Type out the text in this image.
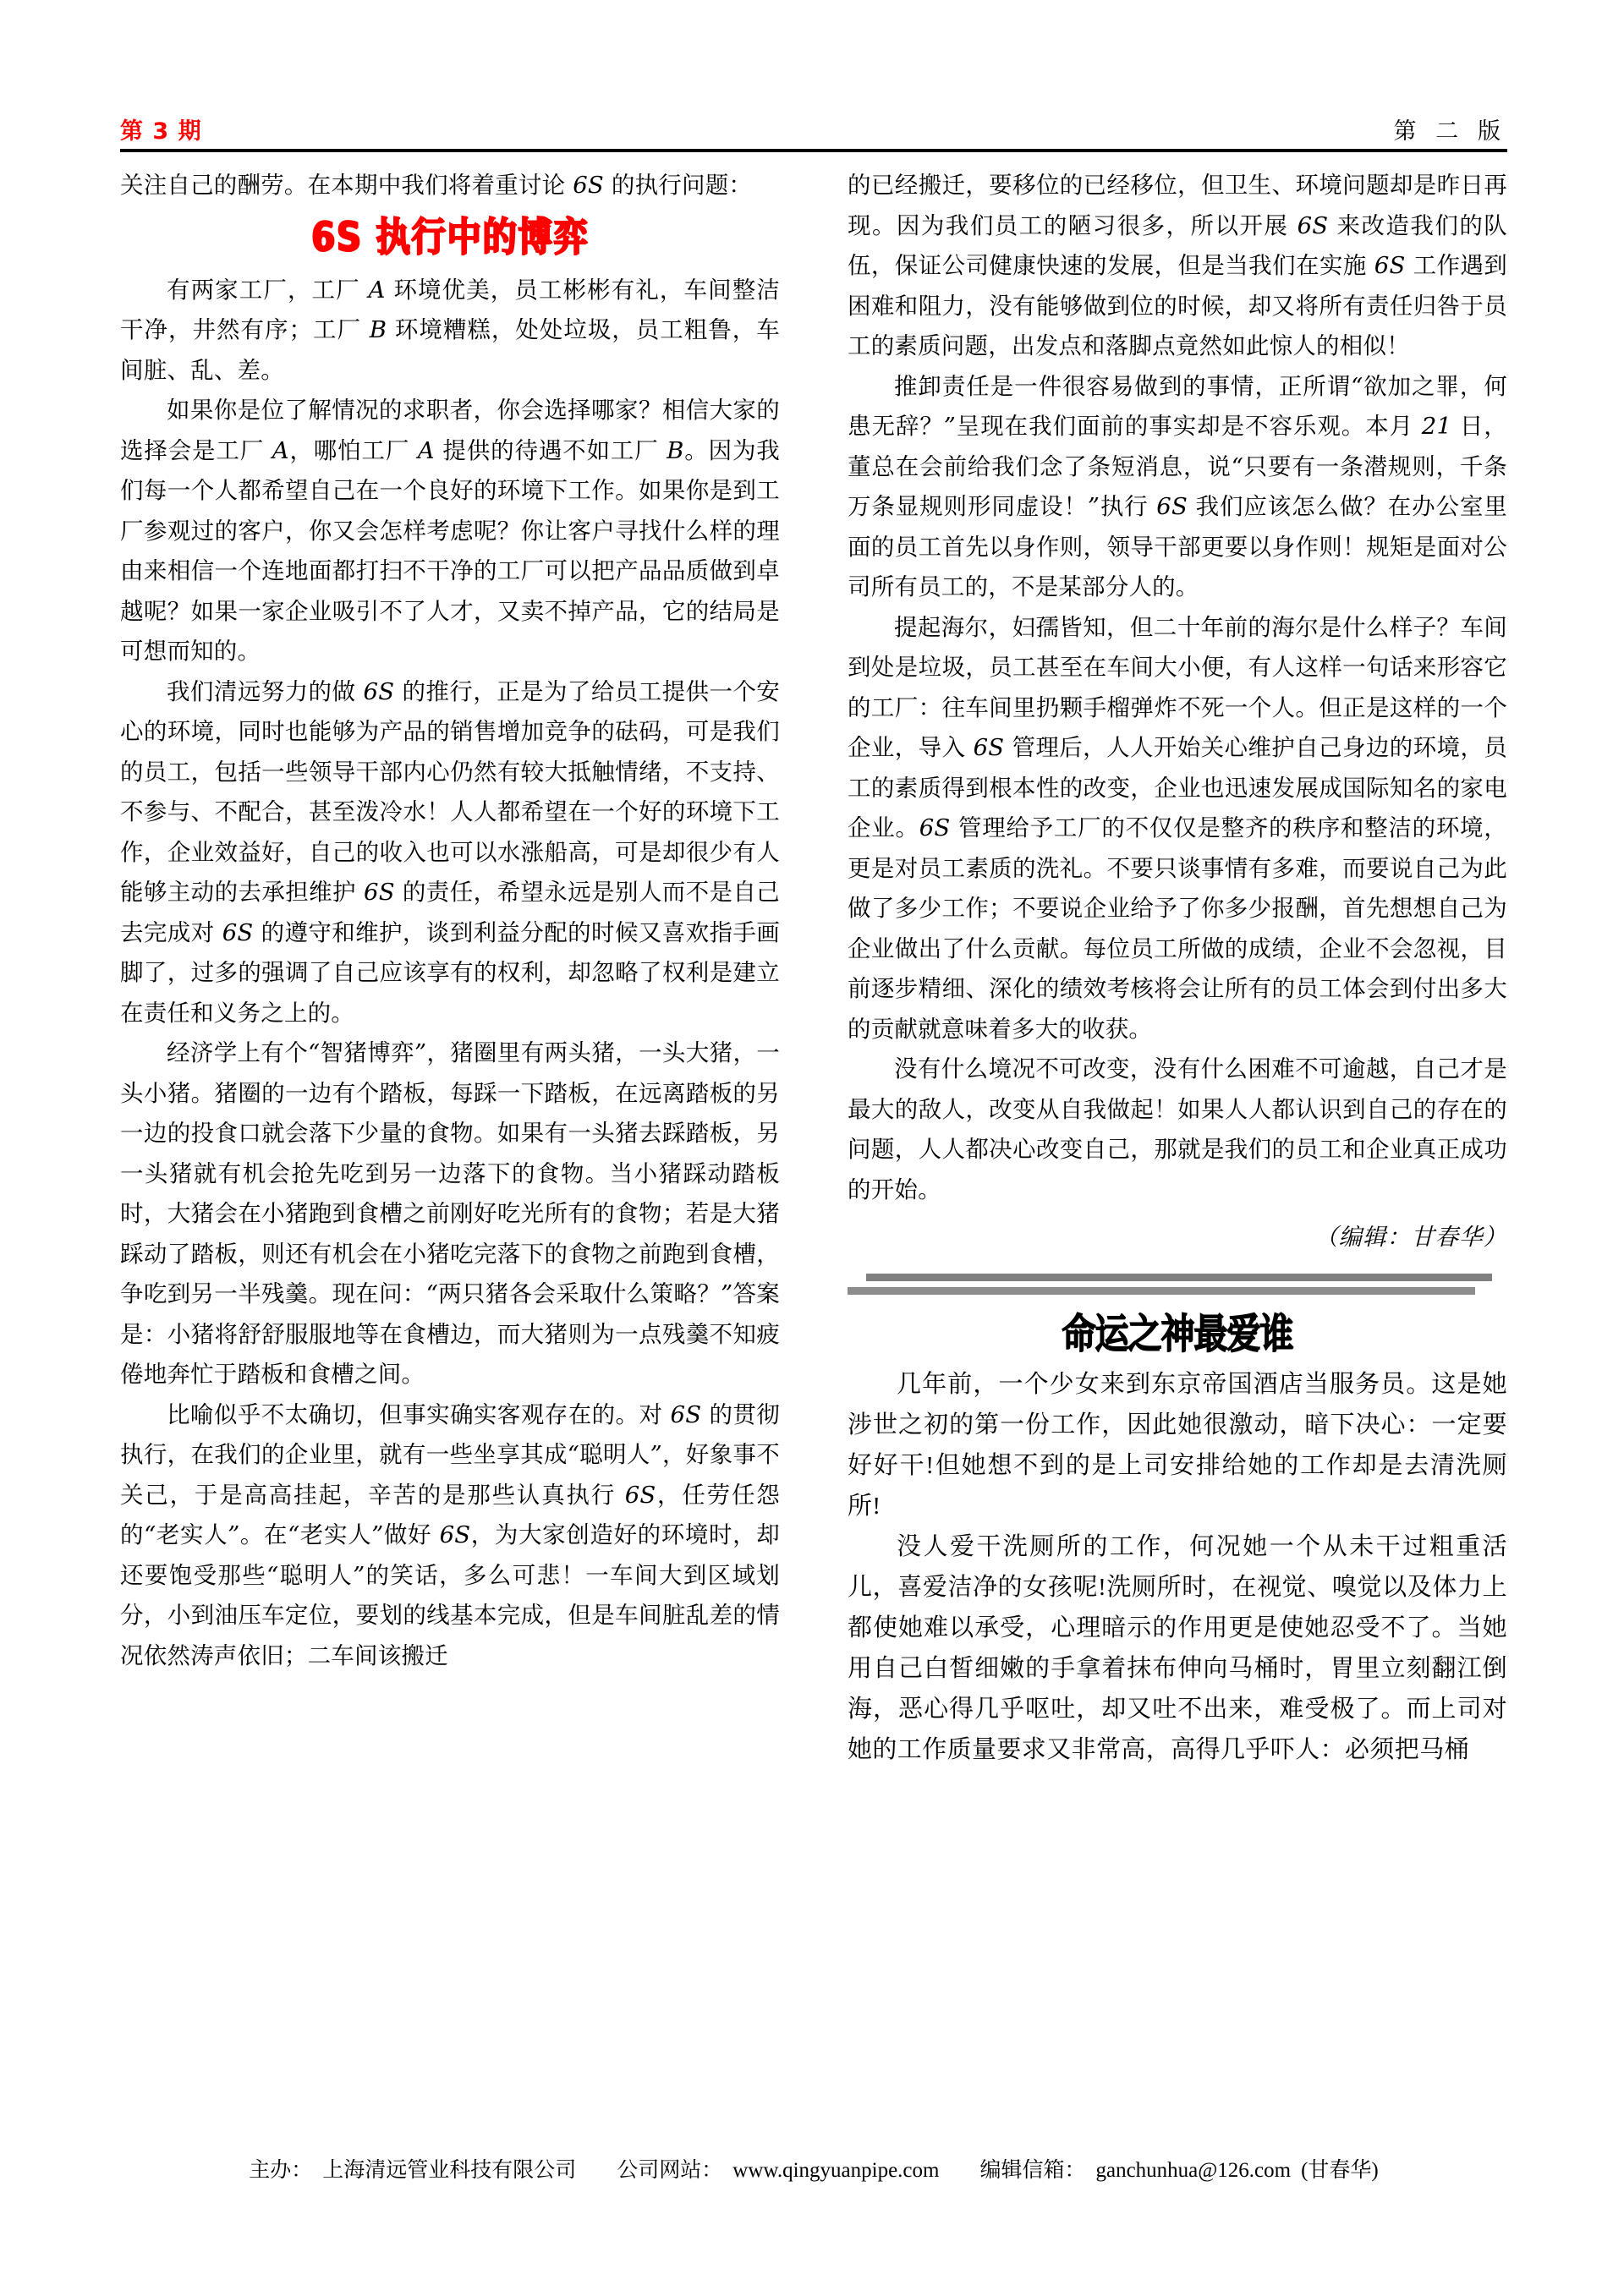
第 3 期	第 二 版

关注自己的酬劳。在本期中我们将着重讨论 6S 的执行问题：

6S 执行中的博弈

有两家工厂，工厂 A 环境优美，员工彬彬有礼，车间整洁干净，井然有序；工厂 B 环境糟糕，处处垃圾，员工粗鲁，车间脏、乱、差。

如果你是位了解情况的求职者，你会选择哪家？相信大家的选择会是工厂 A，哪怕工厂 A 提供的待遇不如工厂 B。因为我们每一个人都希望自己在一个良好的环境下工作。如果你是到工厂参观过的客户，你又会怎样考虑呢？你让客户寻找什么样的理由来相信一个连地面都打扫不干净的工厂可以把产品品质做到卓越呢？如果一家企业吸引不了人才，又卖不掉产品，它的结局是可想而知的。

我们清远努力的做 6S 的推行，正是为了给员工提供一个安心的环境，同时也能够为产品的销售增加竞争的砝码，可是我们的员工，包括一些领导干部内心仍然有较大抵触情绪，不支持、不参与、不配合，甚至泼冷水！人人都希望在一个好的环境下工作，企业效益好，自己的收入也可以水涨船高，可是却很少有人能够主动的去承担维护 6S 的责任，希望永远是别人而不是自己去完成对 6S 的遵守和维护，谈到利益分配的时候又喜欢指手画脚了，过多的强调了自己应该享有的权利，却忽略了权利是建立在责任和义务之上的。

经济学上有个“智猪博弈”，猪圈里有两头猪，一头大猪，一头小猪。猪圈的一边有个踏板，每踩一下踏板，在远离踏板的另一边的投食口就会落下少量的食物。如果有一头猪去踩踏板，另一头猪就有机会抢先吃到另一边落下的食物。当小猪踩动踏板时，大猪会在小猪跑到食槽之前刚好吃光所有的食物；若是大猪踩动了踏板，则还有机会在小猪吃完落下的食物之前跑到食槽，争吃到另一半残羹。现在问：“两只猪各会采取什么策略？”答案是：小猪将舒舒服服地等在食槽边，而大猪则为一点残羹不知疲倦地奔忙于踏板和食槽之间。

比喻似乎不太确切，但事实确实客观存在的。对 6S 的贯彻执行，在我们的企业里，就有一些坐享其成“聪明人”，好象事不关己，于是高高挂起，辛苦的是那些认真执行 6S，任劳任怨的“老实人”。在“老实人”做好 6S，为大家创造好的环境时，却还要饱受那些“聪明人”的笑话，多么可悲！一车间大到区域划分，小到油压车定位，要划的线基本完成，但是车间脏乱差的情况依然涛声依旧；二车间该搬迁

的已经搬迁，要移位的已经移位，但卫生、环境问题却是昨日再现。因为我们员工的陋习很多，所以开展 6S 来改造我们的队伍，保证公司健康快速的发展，但是当我们在实施 6S 工作遇到困难和阻力，没有能够做到位的时候，却又将所有责任归咎于员工的素质问题，出发点和落脚点竟然如此惊人的相似！

推卸责任是一件很容易做到的事情，正所谓“欲加之罪，何患无辞？”呈现在我们面前的事实却是不容乐观。本月 21 日，董总在会前给我们念了条短消息，说“只要有一条潜规则，千条万条显规则形同虚设！”执行 6S 我们应该怎么做？在办公室里面的员工首先以身作则，领导干部更要以身作则！规矩是面对公司所有员工的，不是某部分人的。

提起海尔，妇孺皆知，但二十年前的海尔是什么样子？车间到处是垃圾，员工甚至在车间大小便，有人这样一句话来形容它的工厂：往车间里扔颗手榴弹炸不死一个人。但正是这样的一个企业，导入 6S 管理后，人人开始关心维护自己身边的环境，员工的素质得到根本性的改变，企业也迅速发展成国际知名的家电企业。6S 管理给予工厂的不仅仅是整齐的秩序和整洁的环境，更是对员工素质的洗礼。不要只谈事情有多难，而要说自己为此做了多少工作；不要说企业给予了你多少报酬，首先想想自己为企业做出了什么贡献。每位员工所做的成绩，企业不会忽视，目前逐步精细、深化的绩效考核将会让所有的员工体会到付出多大的贡献就意味着多大的收获。

没有什么境况不可改变，没有什么困难不可逾越，自己才是最大的敌人，改变从自我做起！如果人人都认识到自己的存在的问题，人人都决心改变自己，那就是我们的员工和企业真正成功的开始。

（编辑：甘春华）
命运之神最爱谁

几年前，一个少女来到东京帝国酒店当服务员。这是她涉世之初的第一份工作，因此她很激动，暗下决心：一定要好好干!但她想不到的是上司安排给她的工作却是去清洗厕所!

没人爱干洗厕所的工作，何况她一个从未干过粗重活儿，喜爱洁净的女孩呢!洗厕所时，在视觉、嗅觉以及体力上都使她难以承受，心理暗示的作用更是使她忍受不了。当她用自己白皙细嫩的手拿着抹布伸向马桶时，胃里立刻翻江倒海，恶心得几乎呕吐，却又吐不出来，难受极了。而上司对她的工作质量要求又非常高，高得几乎吓人：必须把马桶

主办： 上海清远管业科技有限公司 公司网站： www.qingyuanpipe.com 编辑信箱： ganchunhua@126.com (甘春华)
